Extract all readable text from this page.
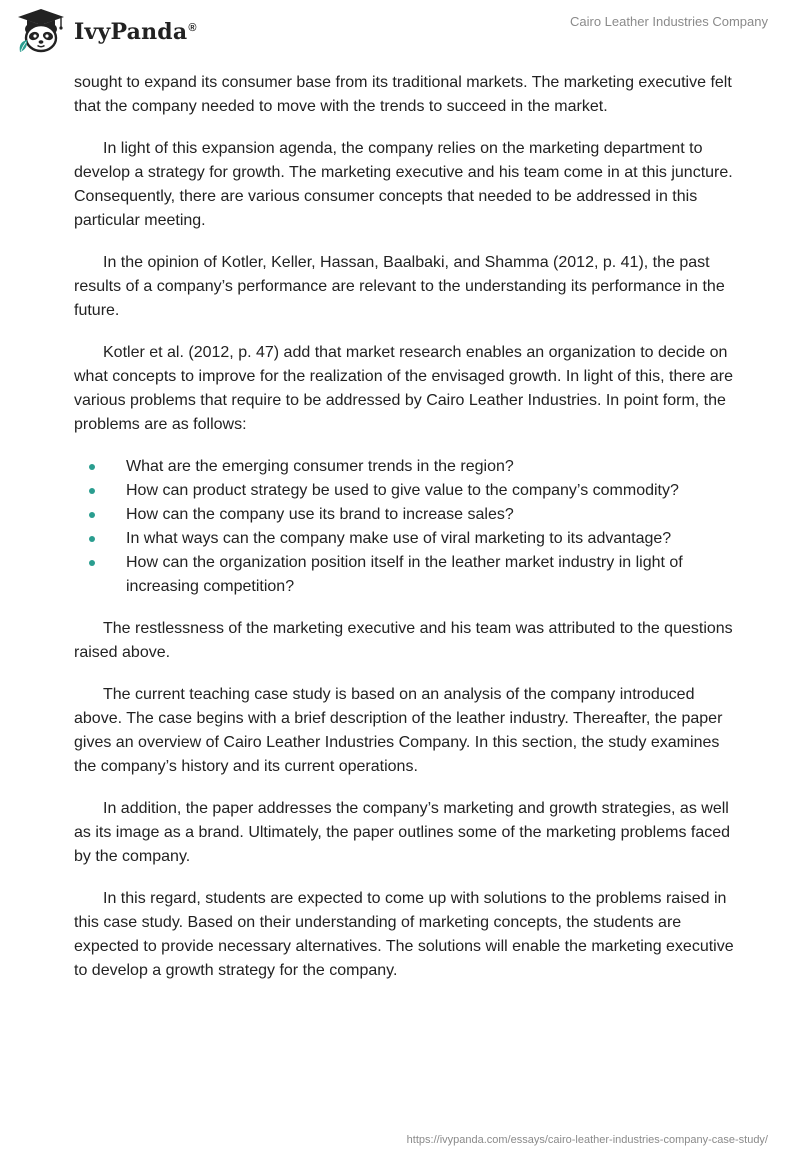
IvyPanda®	Cairo Leather Industries Company

sought to expand its consumer base from its traditional markets. The marketing executive felt that the company needed to move with the trends to succeed in the market.

In light of this expansion agenda, the company relies on the marketing department to develop a strategy for growth. The marketing executive and his team come in at this juncture. Consequently, there are various consumer concepts that needed to be addressed in this particular meeting.

In the opinion of Kotler, Keller, Hassan, Baalbaki, and Shamma (2012, p. 41), the past results of a company’s performance are relevant to the understanding its performance in the future.

Kotler et al. (2012, p. 47) add that market research enables an organization to decide on what concepts to improve for the realization of the envisaged growth. In light of this, there are various problems that require to be addressed by Cairo Leather Industries. In point form, the problems are as follows:

What are the emerging consumer trends in the region?
How can product strategy be used to give value to the company’s commodity?
How can the company use its brand to increase sales?
In what ways can the company make use of viral marketing to its advantage?
How can the organization position itself in the leather market industry in light of increasing competition?

The restlessness of the marketing executive and his team was attributed to the questions raised above.

The current teaching case study is based on an analysis of the company introduced above. The case begins with a brief description of the leather industry. Thereafter, the paper gives an overview of Cairo Leather Industries Company. In this section, the study examines the company’s history and its current operations.

In addition, the paper addresses the company’s marketing and growth strategies, as well as its image as a brand. Ultimately, the paper outlines some of the marketing problems faced by the company.

In this regard, students are expected to come up with solutions to the problems raised in this case study. Based on their understanding of marketing concepts, the students are expected to provide necessary alternatives. The solutions will enable the marketing executive to develop a growth strategy for the company.

https://ivypanda.com/essays/cairo-leather-industries-company-case-study/
